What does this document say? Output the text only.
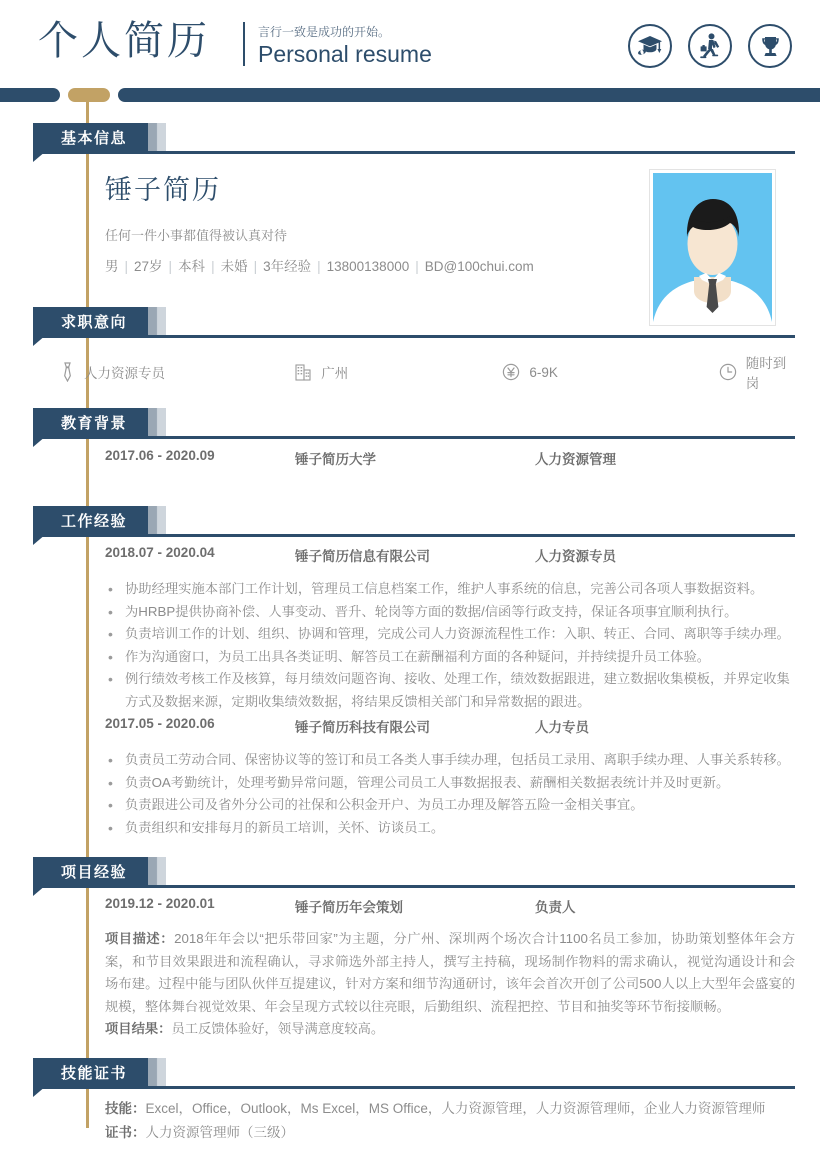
个人简历	言行一致是成功的开始。
Personal resume
基本信息
锤子简历
任何一件小事都值得被认真对待
男 | 27岁 | 本科 | 未婚 | 3年经验 | 13800138000 | BD@100chui.com
求职意向
人力资源专员	广州	6-9K
随时到岗
教育背景
2017.06 - 2020.09	锤子简历大学	人力资源管理
工作经验
2018.07 - 2020.04	锤子简历信息有限公司	人力资源专员
• 协助经理实施本部门工作计划，管理员工信息档案工作，维护人事系统的信息，完善公司各项人事数据资料。
• 为HRBP提供协商补偿、人事变动、晋升、轮岗等方面的数据/信函等行政支持，保证各项事宜顺利执行。
• 负责培训工作的计划、组织、协调和管理，完成公司人力资源流程性工作：入职、转正、合同、离职等手续办理。
• 作为沟通窗口，为员工出具各类证明、解答员工在薪酬福利方面的各种疑问，并持续提升员工体验。
• 例行绩效考核工作及核算，每月绩效问题咨询、接收、处理工作，绩效数据跟进，建立数据收集模板，并界定收集方式及数据来源，定期收集绩效数据，将结果反馈相关部门和异常数据的跟进。
2017.05 - 2020.06	锤子简历科技有限公司	人力专员
• 负责员工劳动合同、保密协议等的签订和员工各类人事手续办理，包括员工录用、离职手续办理、人事关系转移。
• 负责OA考勤统计，处理考勤异常问题，管理公司员工人事数据报表、薪酬相关数据表统计并及时更新。
• 负责跟进公司及省外分公司的社保和公积金开户、为员工办理及解答五险一金相关事宜。
• 负责组织和安排每月的新员工培训，关怀、访谈员工。
项目经验
2019.12 - 2020.01	锤子简历年会策划	负责人
项目描述：2018年年会以“把乐带回家”为主题，分广州、深圳两个场次合计1100名员工参加，协助策划整体年会方案，和节目效果跟进和流程确认，寻求筛选外部主持人，撰写主持稿，现场制作物料的需求确认，视觉沟通设计和会场布建。过程中能与团队伙伴互提建议，针对方案和细节沟通研讨，该年会首次开创了公司500人以上大型年会盛宴的规模，整体舞台视觉效果、年会呈现方式较以往亮眼，后勤组织、流程把控、节目和抽奖等环节衔接顺畅。
项目结果：员工反馈体验好，领导满意度较高。
技能证书
技能：Excel，Office，Outlook，Ms Excel，MS Office，人力资源管理，人力资源管理师，企业人力资源管理师
证书：人力资源管理师（三级）
